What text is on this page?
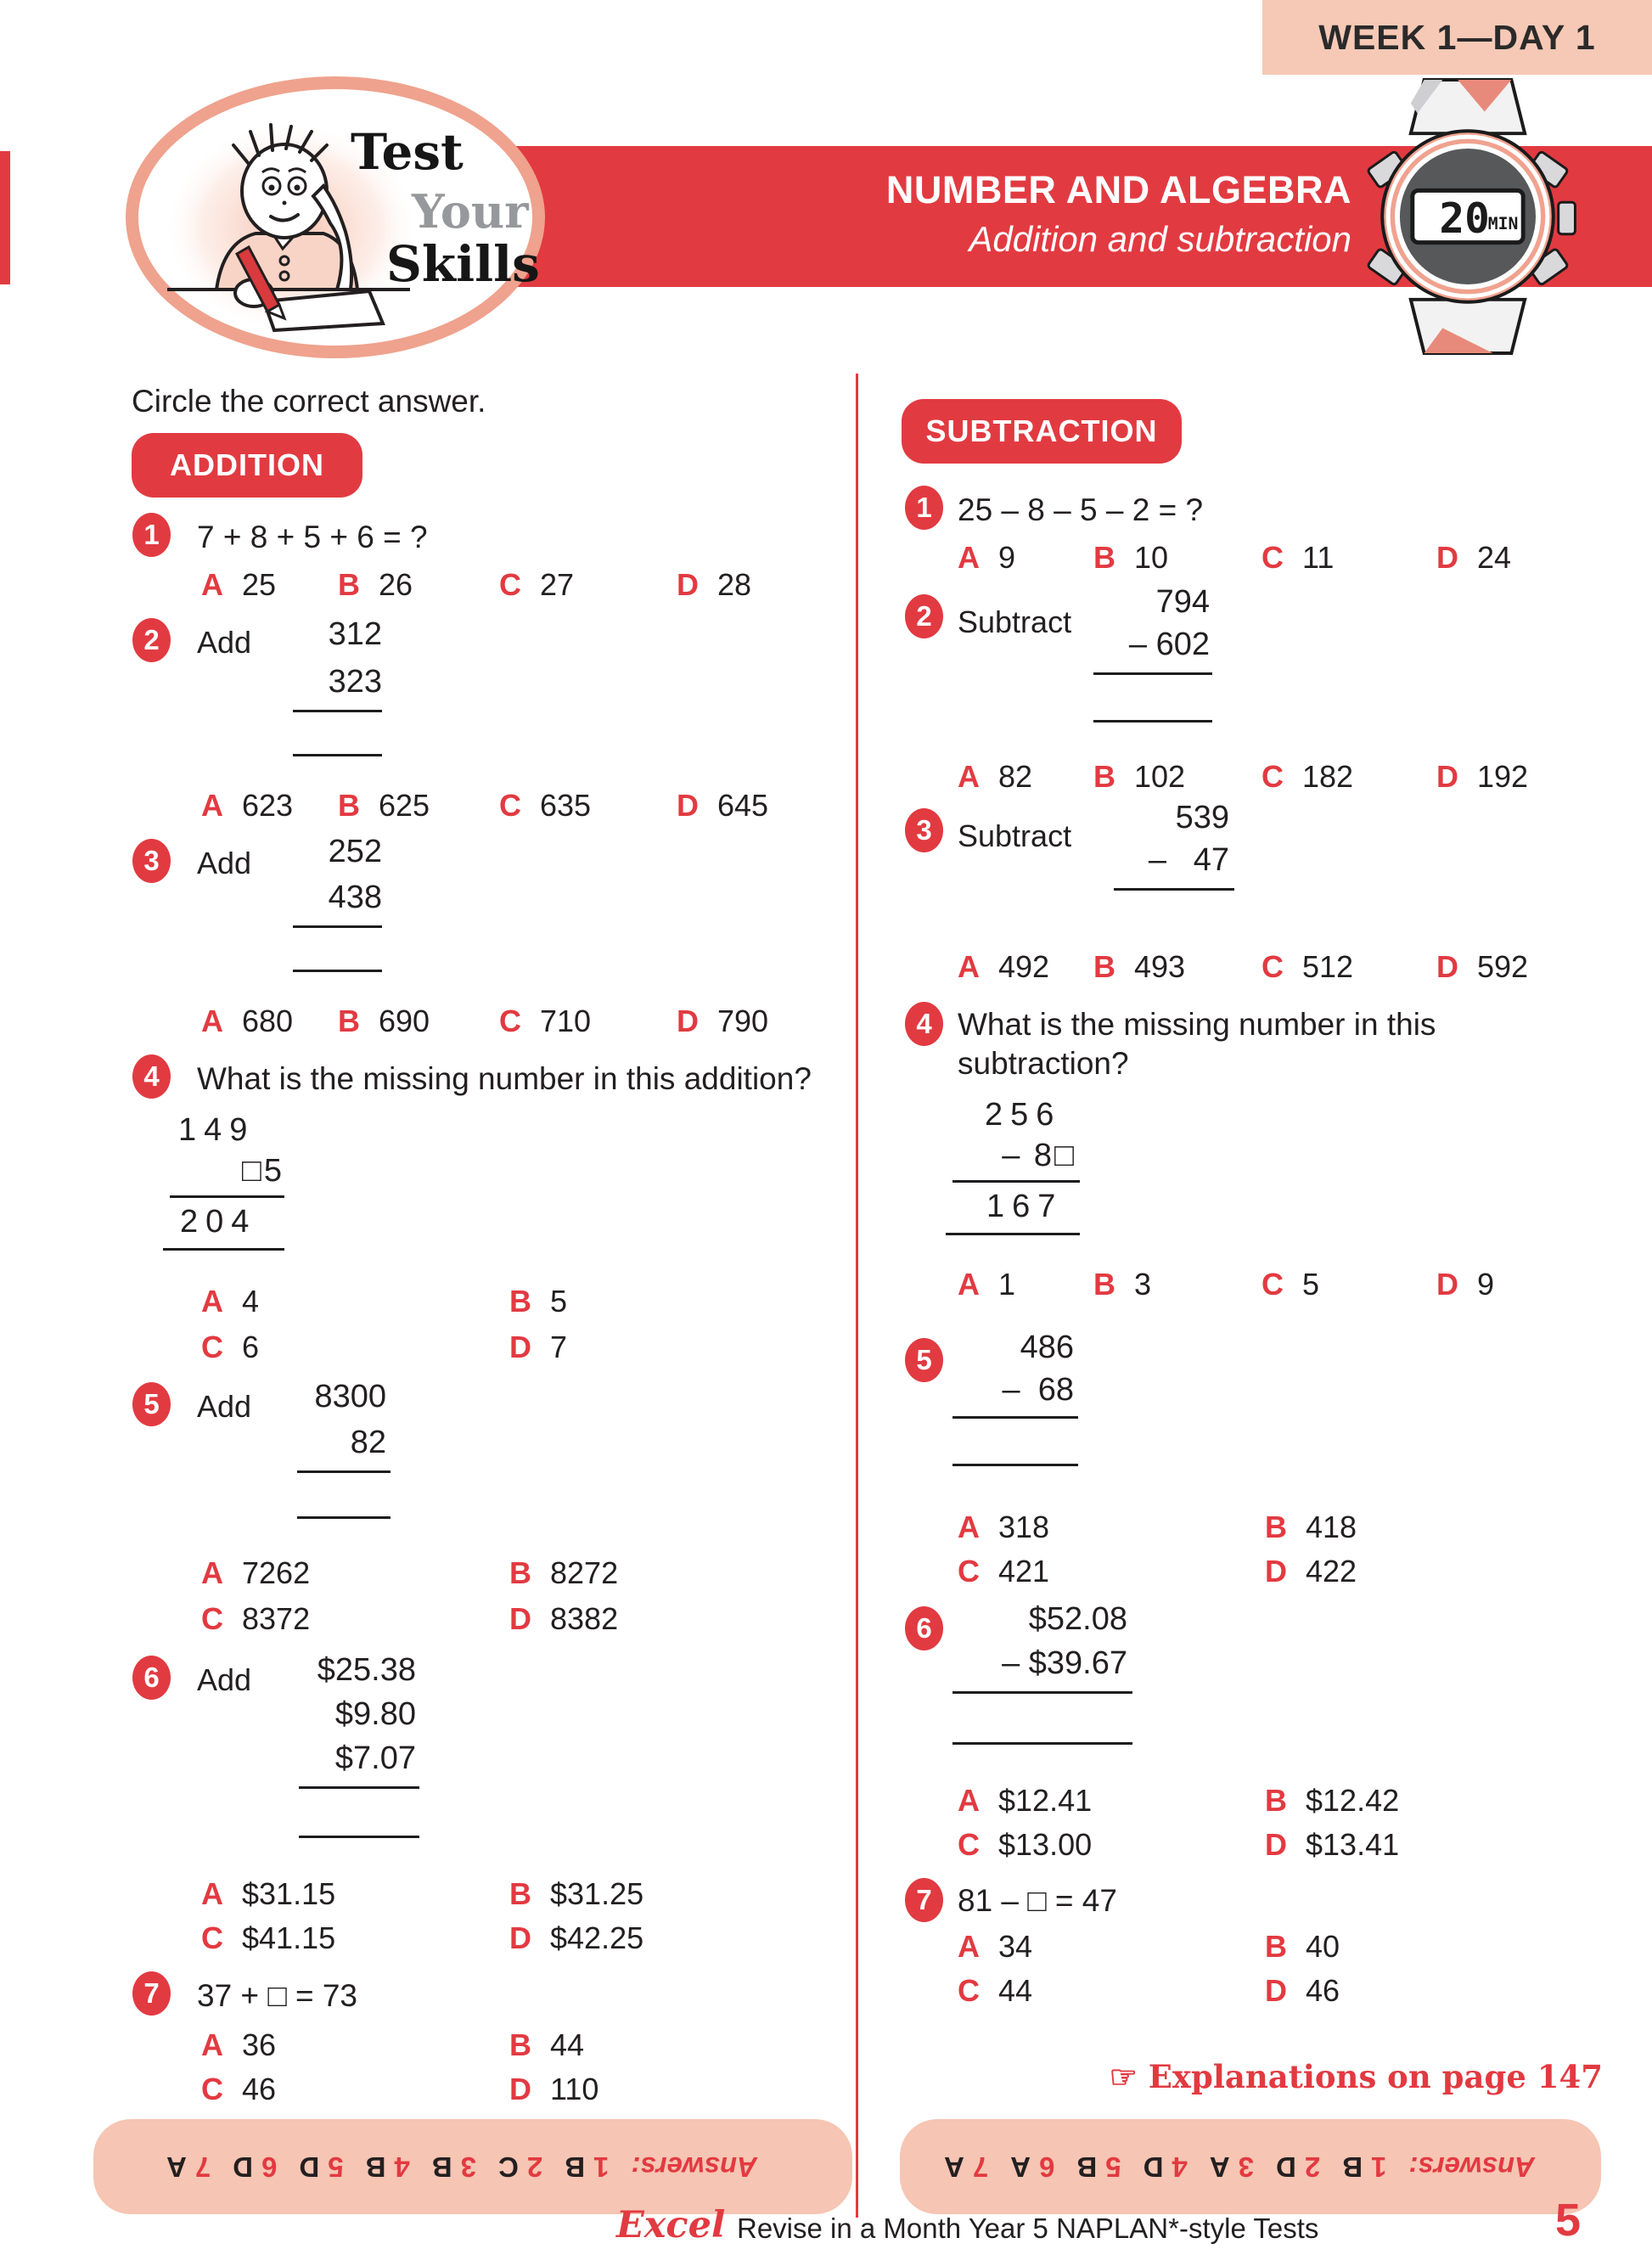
WEEK 1—DAY 1
NUMBER AND ALGEBRA
Addition and subtraction
Test
Your
Skills
20
MIN
Circle the correct answer.
ADDITION
1	7 + 8 + 5 + 6 = ?
A 25 B 26	C 27	D 28
2	Add	312
323
A 623 B 625 C 635	D 645
3	Add	252
438
A 680 B 690 C 710	D 790
4	What is the missing number in this addition?
149
□5
204
A 4	B 5
C 6	D 7
5	Add	8300
82
A 7262	B 8272
C 8372	D 8382
6	Add	$25.38
$9.80
$7.07
A $31.15	B $31.25
C $41.15	D $42.25
7	37 + □ = 73
A 36	B 44
C 46	D 110
SUBTRACTION
1 25 – 8 – 5 – 2 = ?
A 9	B 10	C 11	D 24
2 Subtract
794
– 602
A 82 B 102 C 182	D 192
3 Subtract
539
–   47
A 492 B 493 C 512	D 592
4 What is the missing number in this
subtraction?
256
– 8□
167
A 1	B 3	C 5	D 9
5	486
–  68
A 318	B 418
C 421	D 422
6	$52.08
– $39.67
A $12.41	B $12.42
C $13.00	D $13.41
7 81 – □ = 47
A 34	B 40
C 44	D 46
☞ Explanations on page 147
Answers:1B2C3B4B5D6D7A	Answers:1B2D3A4D5B6A7A
Excel Revise in a Month Year 5 NAPLAN*-style Tests	5
